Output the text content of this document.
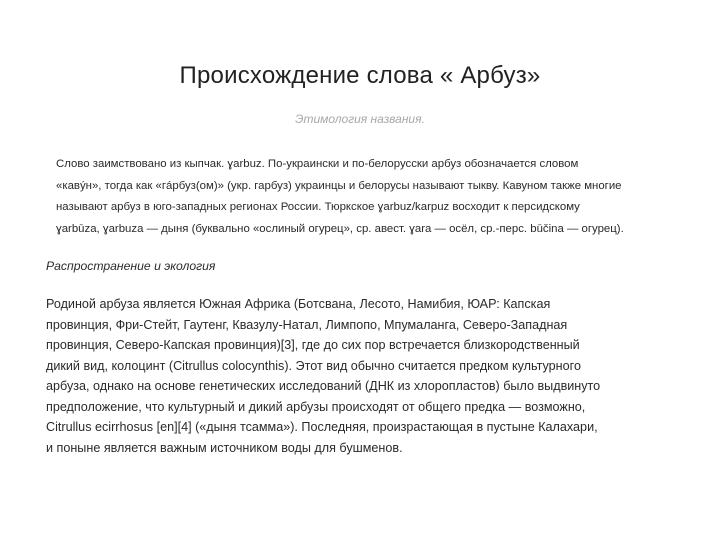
Происхождение слова « Арбуз»

Этимология названия.

Слово заимствовано из кыпчак. ɣarbuz. По-украински и по-белорусски арбуз обозначается словом
«кавýн», тогда как «гáрбуз(ом)» (укр. гарбуз) украинцы и белорусы называют тыкву. Кавуном также многие
называют арбуз в юго-западных регионах России. Тюркское ɣarbuz/karpuz восходит к персидскому
ɣarbūza, ɣarbuza — дыня (буквально «ослиный огурец», ср. авест. ɣara — осёл, ср.-перс. būčina — огурец).

Распространение и экология

Родиной арбуза является Южная Африка (Ботсвана, Лесото, Намибия, ЮАР: Капская
провинция, Фри-Стейт, Гаутенг, Квазулу-Натал, Лимпопо, Мпумаланга, Северо-Западная
провинция, Северо-Капская провинция)[3], где до сих пор встречается близкородственный
дикий вид, колоцинт (Citrullus colocynthis). Этот вид обычно считается предком культурного
арбуза, однако на основе генетических исследований (ДНК из хлоропластов) было выдвинуто
предположение, что культурный и дикий арбузы происходят от общего предка — возможно,
Citrullus ecirrhosus [en][4] («дыня тсамма»). Последняя, произрастающая в пустыне Калахари,
и поныне является важным источником воды для бушменов.
